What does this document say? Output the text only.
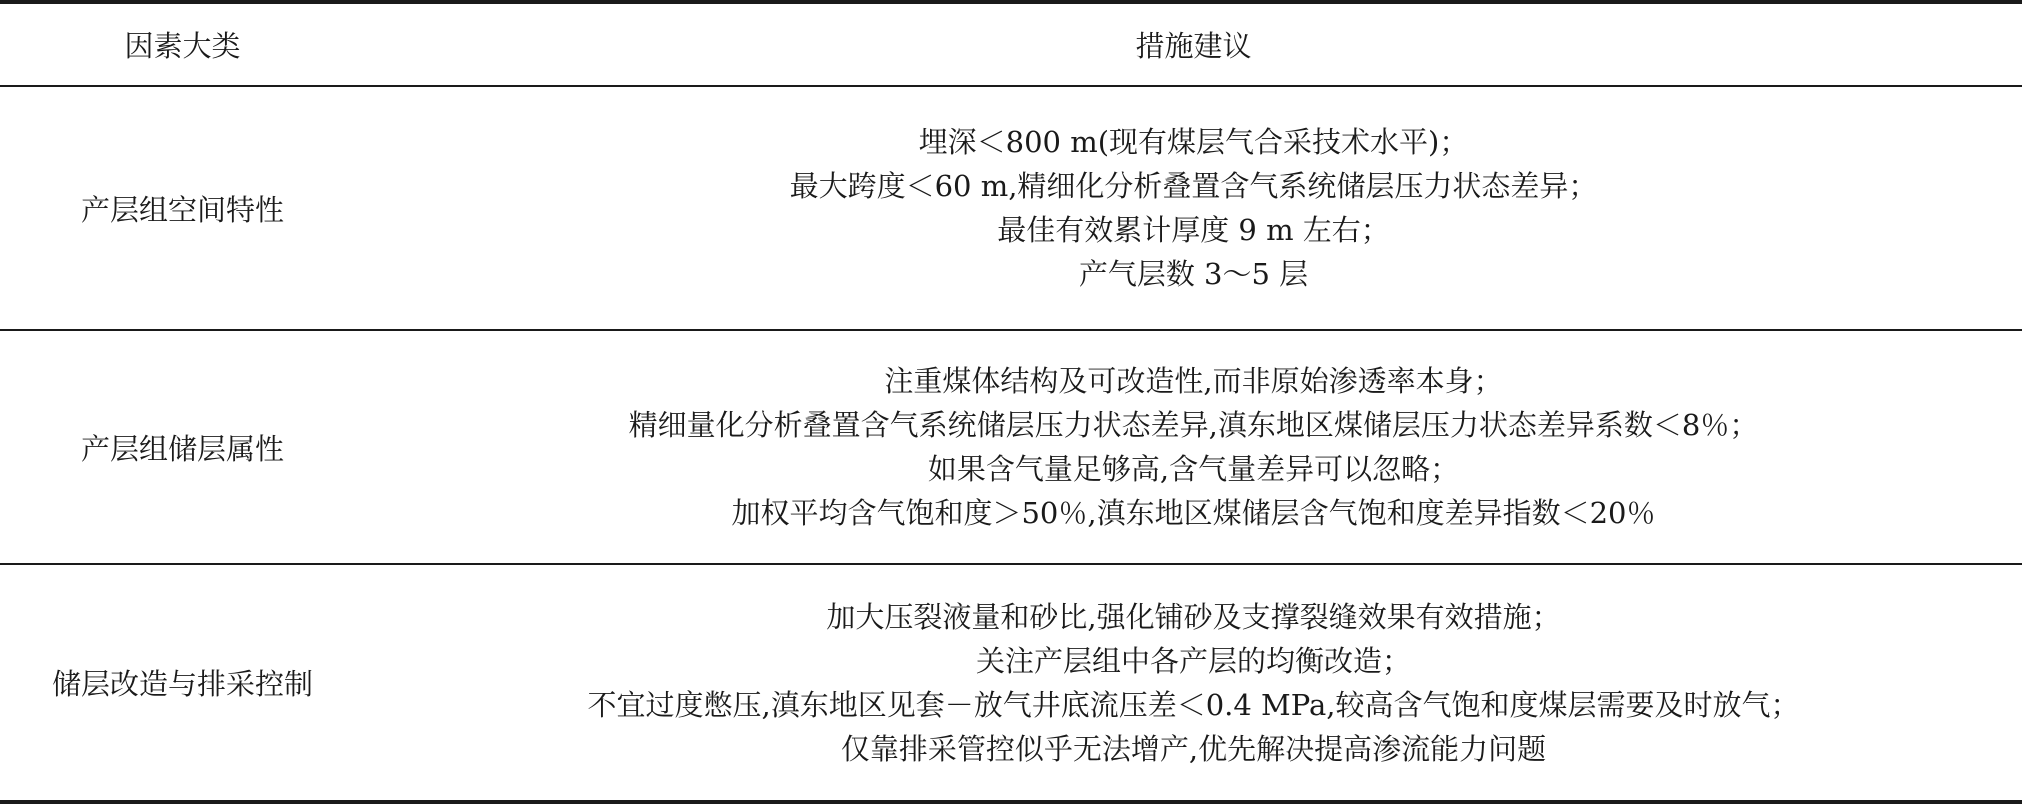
因素大类	措施建议
产层组空间特性	埋深＜800 m(现有煤层气合采技术水平)；
最大跨度＜60 m,精细化分析叠置含气系统储层压力状态差异；
最佳有效累计厚度 9 m 左右；
产气层数 3～5 层

产层组储层属性	注重煤体结构及可改造性,而非原始渗透率本身；
精细量化分析叠置含气系统储层压力状态差异,滇东地区煤储层压力状态差异系数＜8％；
如果含气量足够高,含气量差异可以忽略；
加权平均含气饱和度＞50％,滇东地区煤储层含气饱和度差异指数＜20％

储层改造与排采控制	加大压裂液量和砂比,强化铺砂及支撑裂缝效果有效措施；
关注产层组中各产层的均衡改造；
不宜过度憋压,滇东地区见套－放气井底流压差＜0.4 MPa,较高含气饱和度煤层需要及时放气；
仅靠排采管控似乎无法增产,优先解决提高渗流能力问题
